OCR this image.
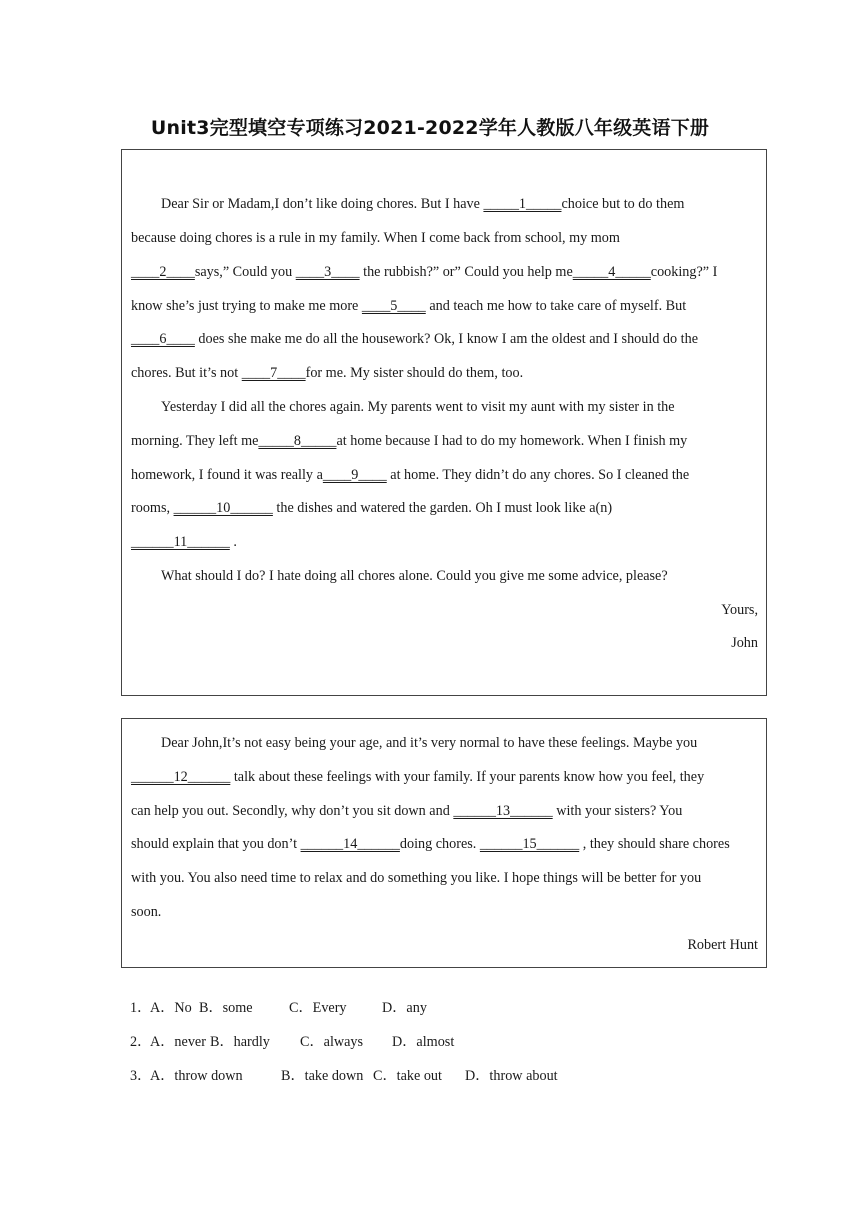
Unit3完型填空专项练习2021-2022学年人教版八年级英语下册
Dear Sir or Madam,I don’t like doing chores. But I have _____1_____choice but to do them
because doing chores is a rule in my family. When I come back from school, my mom
____2____says,” Could you ____3____ the rubbish?” or” Could you help me_____4_____cooking?” I
know she’s just trying to make me more ____5____ and teach me how to take care of myself. But
____6____ does she make me do all the housework? Ok, I know I am the oldest and I should do the
chores. But it’s not ____7____for me. My sister should do them, too.
Yesterday I did all the chores again. My parents went to visit my aunt with my sister in the
morning. They left me_____8_____at home because I had to do my homework. When I finish my
homework, I found it was really a____9____ at home. They didn’t do any chores. So I cleaned the
rooms, ______10______ the dishes and watered the garden. Oh I must look like a(n)
______11______ .
What should I do? I hate doing all chores alone. Could you give me some advice, please?
Yours,
John
Dear John,It’s not easy being your age, and it’s very normal to have these feelings. Maybe you
______12______ talk about these feelings with your family. If your parents know how you feel, they
can help you out. Secondly, why don’t you sit down and ______13______ with your sisters? You
should explain that you don’t ______14______doing chores. ______15______ , they should share chores
with you. You also need time to relax and do something you like. I hope things will be better for you
soon.
Robert Hunt
1．A．No B．some	C．Every D．any
2．A．never B．hardly C．always D．almost
3．A．throw down	B．take down C．take out D．throw about
